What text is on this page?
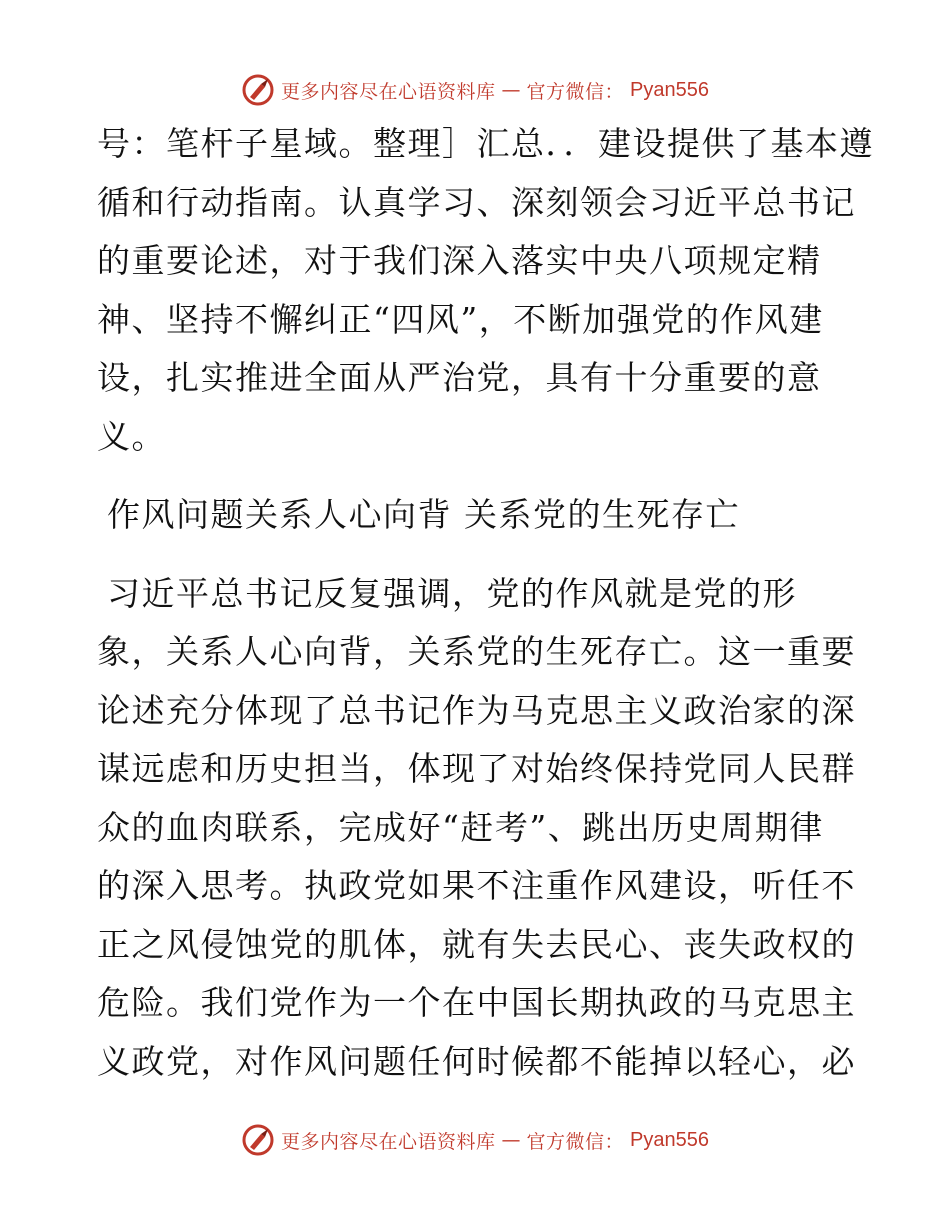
更多内容尽在心语资料库 — 官方微信： Pyan556
号：笔杆子星域。整理］汇总．．建设提供了基本遵
循和行动指南。认真学习、深刻领会习近平总书记
的重要论述，对于我们深入落实中央八项规定精
神、坚持不懈纠正“四风”，不断加强党的作风建
设，扎实推进全面从严治党，具有十分重要的意
义。
作风问题关系人心向背 关系党的生死存亡
习近平总书记反复强调，党的作风就是党的形
象，关系人心向背，关系党的生死存亡。这一重要
论述充分体现了总书记作为马克思主义政治家的深
谋远虑和历史担当，体现了对始终保持党同人民群
众的血肉联系，完成好“赶考”、跳出历史周期律
的深入思考。执政党如果不注重作风建设，听任不
正之风侵蚀党的肌体，就有失去民心、丧失政权的
危险。我们党作为一个在中国长期执政的马克思主
义政党，对作风问题任何时候都不能掉以轻心，必
更多内容尽在心语资料库 — 官方微信： Pyan556
